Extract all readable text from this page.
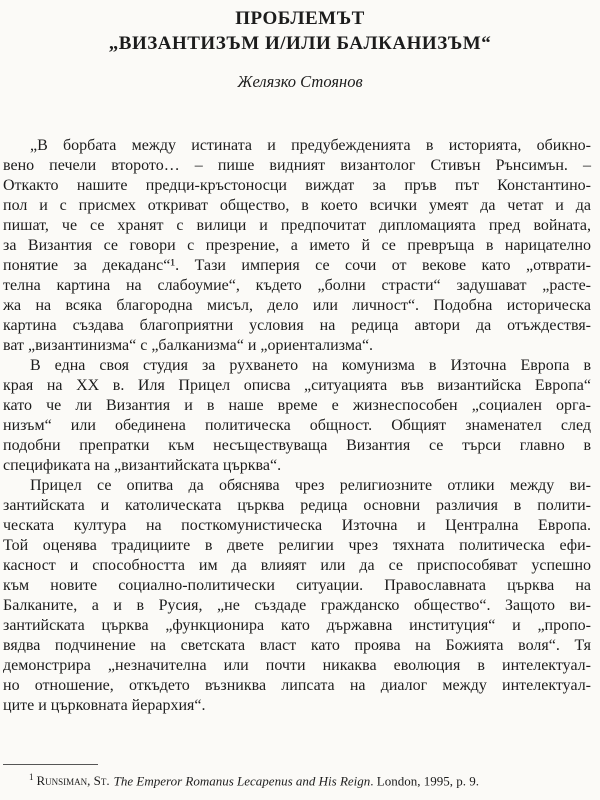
ПРОБЛЕМЪТ
„ВИЗАНТИЗЪМ И/ИЛИ БАЛКАНИЗЪМ“
Желязко Стоянов
„В борбата между истината и предубежденията в историята, обикно-
вено печели второто… – пише видният византолог Стивън Рънсимън. –
Откакто нашите предци-кръстоносци виждат за пръв път Константино-
пол и с присмех откриват общество, в което всички умеят да четат и да
пишат, че се хранят с вилици и предпочитат дипломацията пред войната,
за Византия се говори с презрение, а името й се превръща в нарицателно
понятие за декаданс“¹. Тази империя се сочи от векове като „отврати-
телна картина на слабоумие“, където „болни страсти“ задушават „расте-
жа на всяка благородна мисъл, дело или личност“. Подобна историческа
картина създава благоприятни условия на редица автори да отъждествя-
ват „византинизма“ с „балканизма“ и „ориентализма“.
В една своя студия за рухването на комунизма в Източна Европа в
края на ХХ в. Иля Прицел описва „ситуацията във византийска Европа“
като че ли Византия и в наше време е жизнеспособен „социален орга-
низъм“ или обединена политическа общност. Общият знаменател след
подобни препратки към несъществуваща Византия се търси главно в
спецификата на „византийската църква“.
Прицел се опитва да обяснява чрез религиозните отлики между ви-
зантийската и католическата църква редица основни различия в полити-
ческата култура на посткомунистическа Източна и Централна Европа.
Той оценява традициите в двете религии чрез тяхната политическа ефи-
касност и способността им да влияят или да се приспособяват успешно
към новите социално-политически ситуации. Православната църква на
Балканите, а и в Русия, „не създаде гражданско общество“. Защото ви-
зантийската църква „функционира като държавна институция“ и „пропо-
вядва подчинение на светската власт като проява на Божията воля“. Тя
демонстрира „незначителна или почти никаква еволюция в интелектуал-
но отношение, откъдето възниква липсата на диалог между интелектуал-
ците и църковната йерархия“.
$^1$ Runsiman, St. The Emperor Romanus Lecapenus and His Reign. London, 1995, p. 9.
